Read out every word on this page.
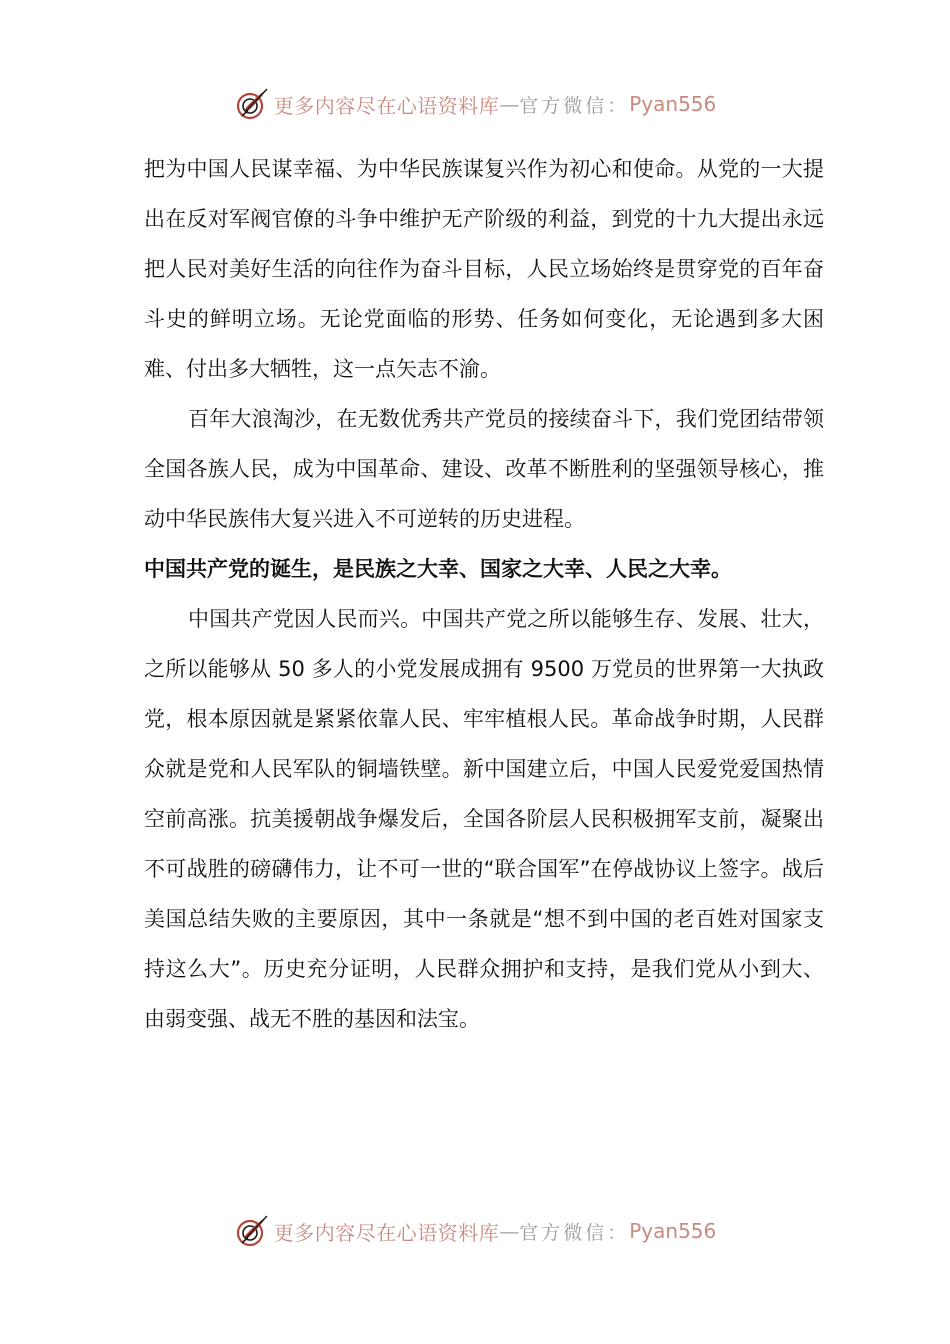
更多内容尽在心语资料库 — 官方微信： Pyan556

把为中国人民谋幸福、为中华民族谋复兴作为初心和使命。从党的一大提出在反对军阀官僚的斗争中维护无产阶级的利益，到党的十九大提出永远把人民对美好生活的向往作为奋斗目标，人民立场始终是贯穿党的百年奋斗史的鲜明立场。无论党面临的形势、任务如何变化，无论遇到多大困难、付出多大牺牲，这一点矢志不渝。

百年大浪淘沙，在无数优秀共产党员的接续奋斗下，我们党团结带领全国各族人民，成为中国革命、建设、改革不断胜利的坚强领导核心，推动中华民族伟大复兴进入不可逆转的历史进程。

中国共产党的诞生，是民族之大幸、国家之大幸、人民之大幸。

中国共产党因人民而兴。中国共产党之所以能够生存、发展、壮大，之所以能够从 50 多人的小党发展成拥有 9500 万党员的世界第一大执政党，根本原因就是紧紧依靠人民、牢牢植根人民。革命战争时期，人民群众就是党和人民军队的铜墙铁壁。新中国建立后，中国人民爱党爱国热情空前高涨。抗美援朝战争爆发后，全国各阶层人民积极拥军支前，凝聚出不可战胜的磅礴伟力，让不可一世的“联合国军”在停战协议上签字。战后美国总结失败的主要原因，其中一条就是“想不到中国的老百姓对国家支持这么大”。历史充分证明，人民群众拥护和支持，是我们党从小到大、由弱变强、战无不胜的基因和法宝。

更多内容尽在心语资料库 — 官方微信： Pyan556
